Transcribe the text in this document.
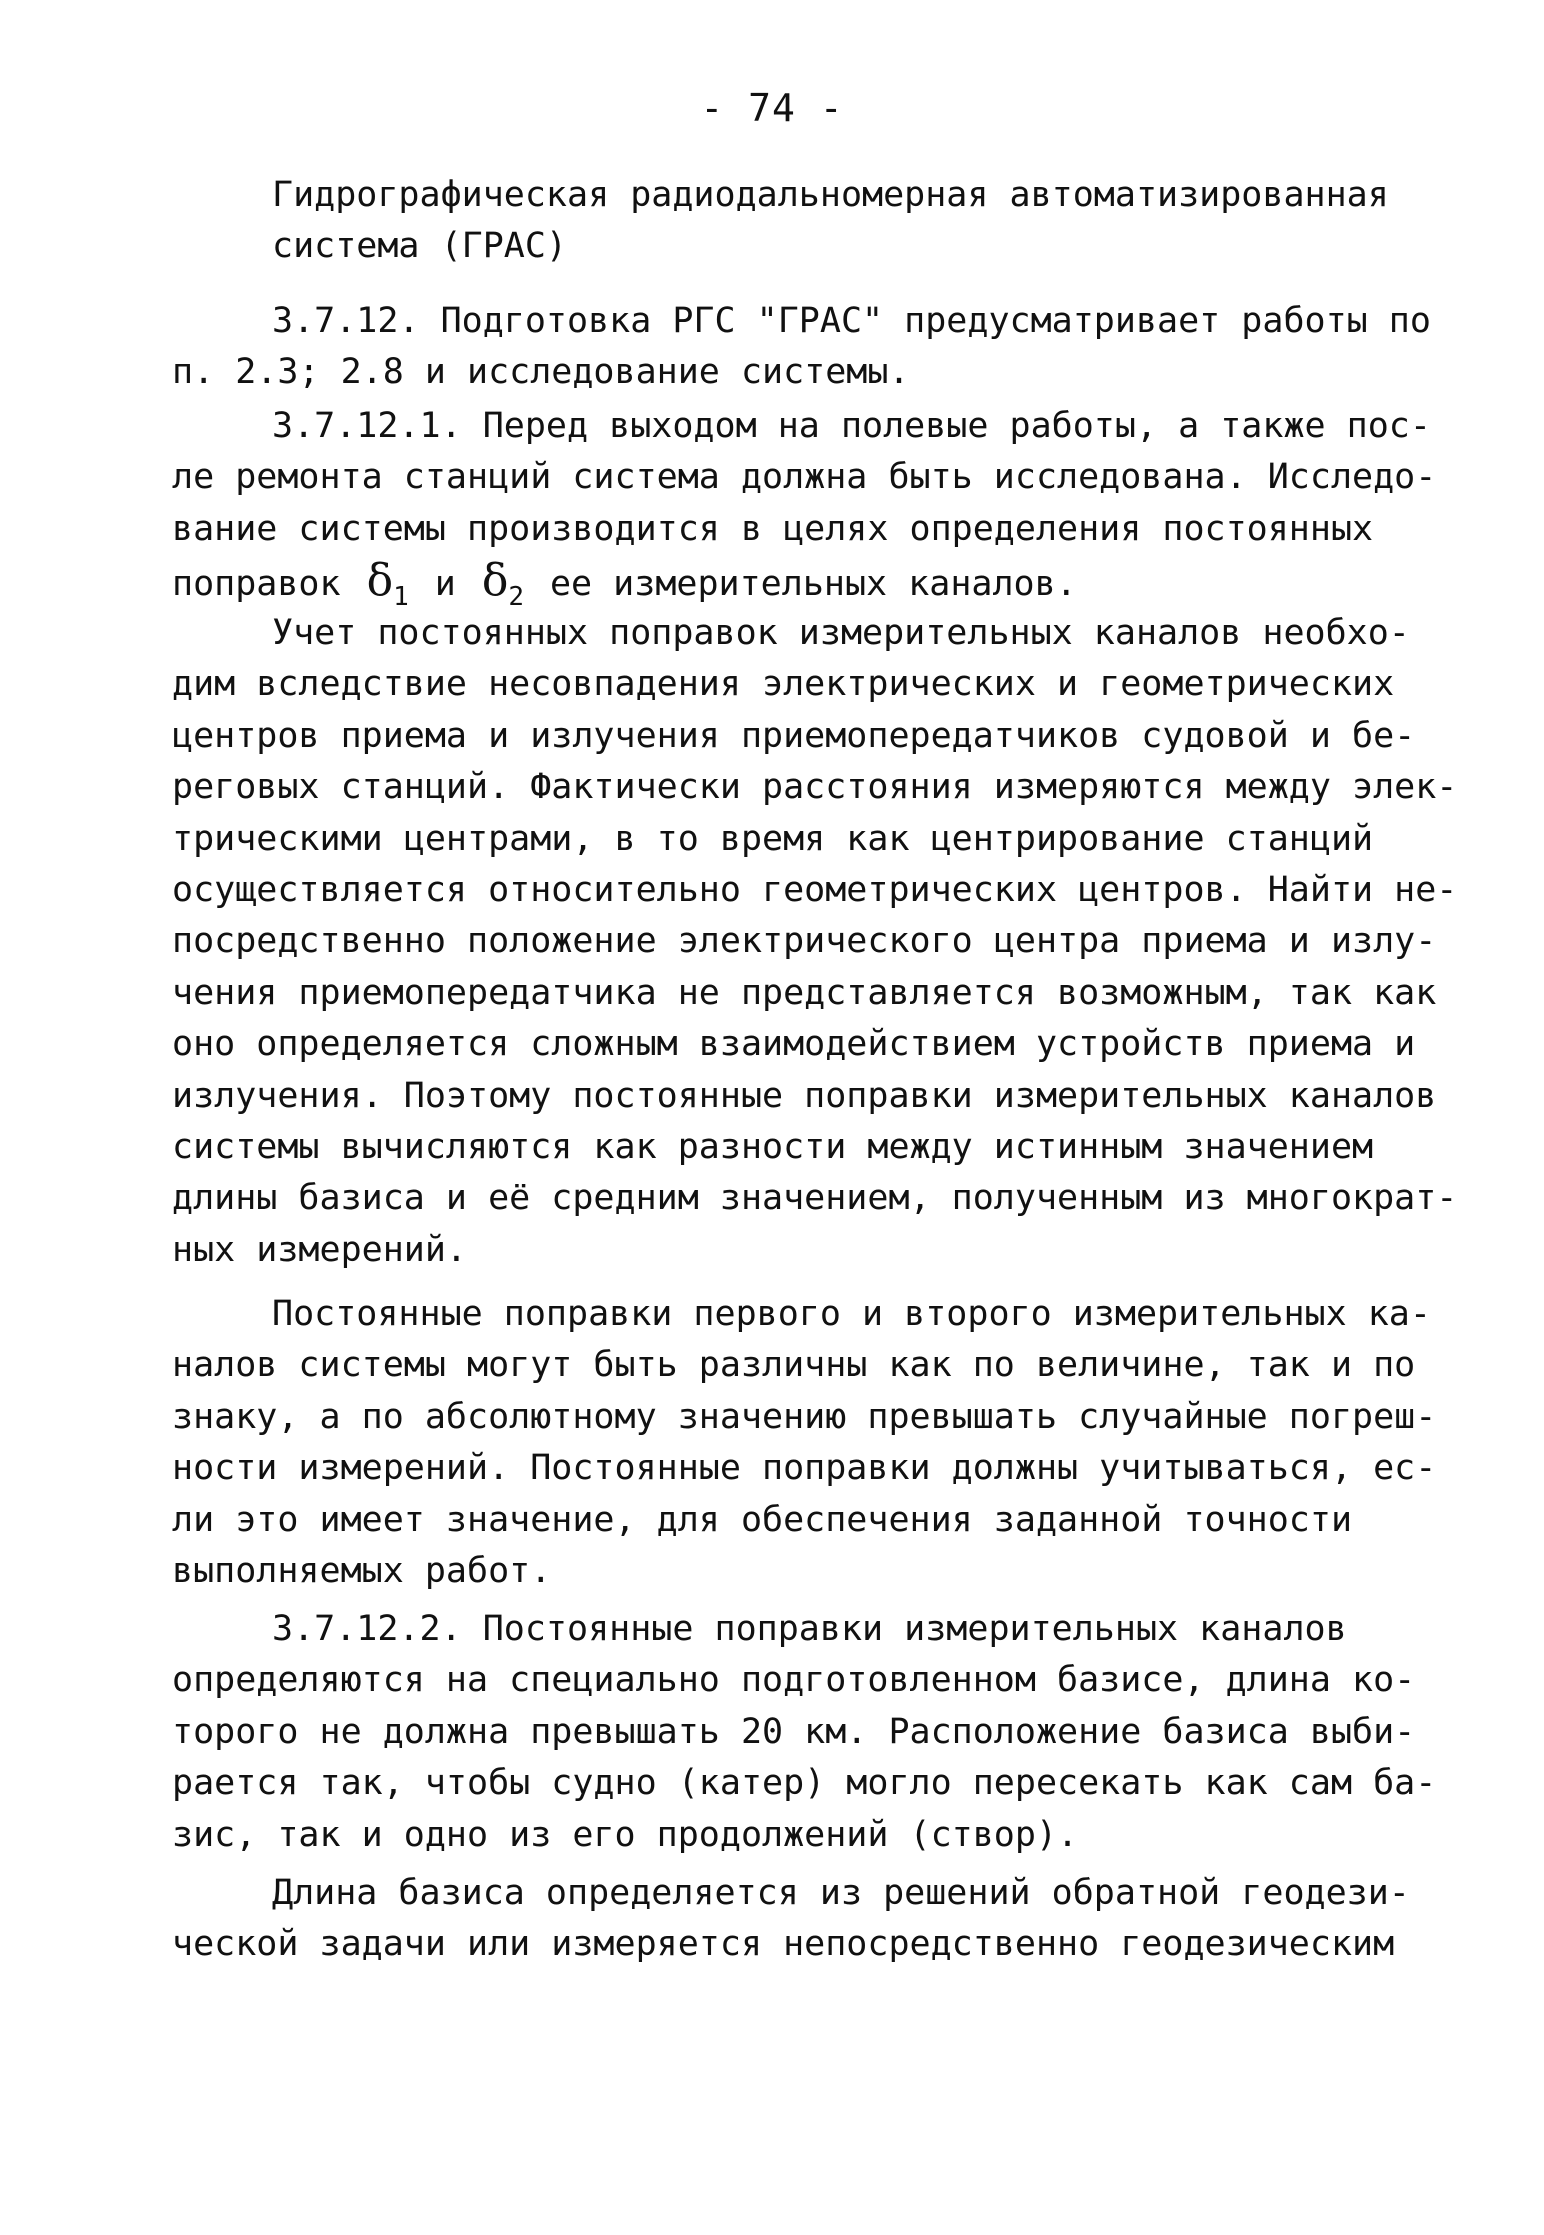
- 74 -
Гидрографическая радиодальномерная автоматизированная
система (ГРАС)
3.7.12. Подготовка РГС "ГРАС" предусматривает работы по
п. 2.3; 2.8 и исследование системы.
3.7.12.1. Перед выходом на полевые работы, а также пос-
ле ремонта станций система должна быть исследована. Исследо-
вание системы производится в целях определения постоянных
поправок $\delta_1$ и $\delta_2$ ее измерительных каналов.
Учет постоянных поправок измерительных каналов необхо-
дим вследствие несовпадения электрических и геометрических
центров приема и излучения приемопередатчиков судовой и бе-
реговых станций. Фактически расстояния измеряются между элек-
трическими центрами, в то время как центрирование станций
осуществляется относительно геометрических центров. Найти не-
посредственно положение электрического центра приема и излу-
чения приемопередатчика не представляется возможным, так как
оно определяется сложным взаимодействием устройств приема и
излучения. Поэтому постоянные поправки измерительных каналов
системы вычисляются как разности между истинным значением
длины базиса и её средним значением, полученным из многократ-
ных измерений.
Постоянные поправки первого и второго измерительных ка-
налов системы могут быть различны как по величине, так и по
знаку, а по абсолютному значению превышать случайные погреш-
ности измерений. Постоянные поправки должны учитываться, ес-
ли это имеет значение, для обеспечения заданной точности
выполняемых работ.
3.7.12.2. Постоянные поправки измерительных каналов
определяются на специально подготовленном базисе, длина ко-
торого не должна превышать 20 км. Расположение базиса выби-
рается так, чтобы судно (катер) могло пересекать как сам ба-
зис, так и одно из его продолжений (створ).
Длина базиса определяется из решений обратной геодези-
ческой задачи или измеряется непосредственно геодезическим
